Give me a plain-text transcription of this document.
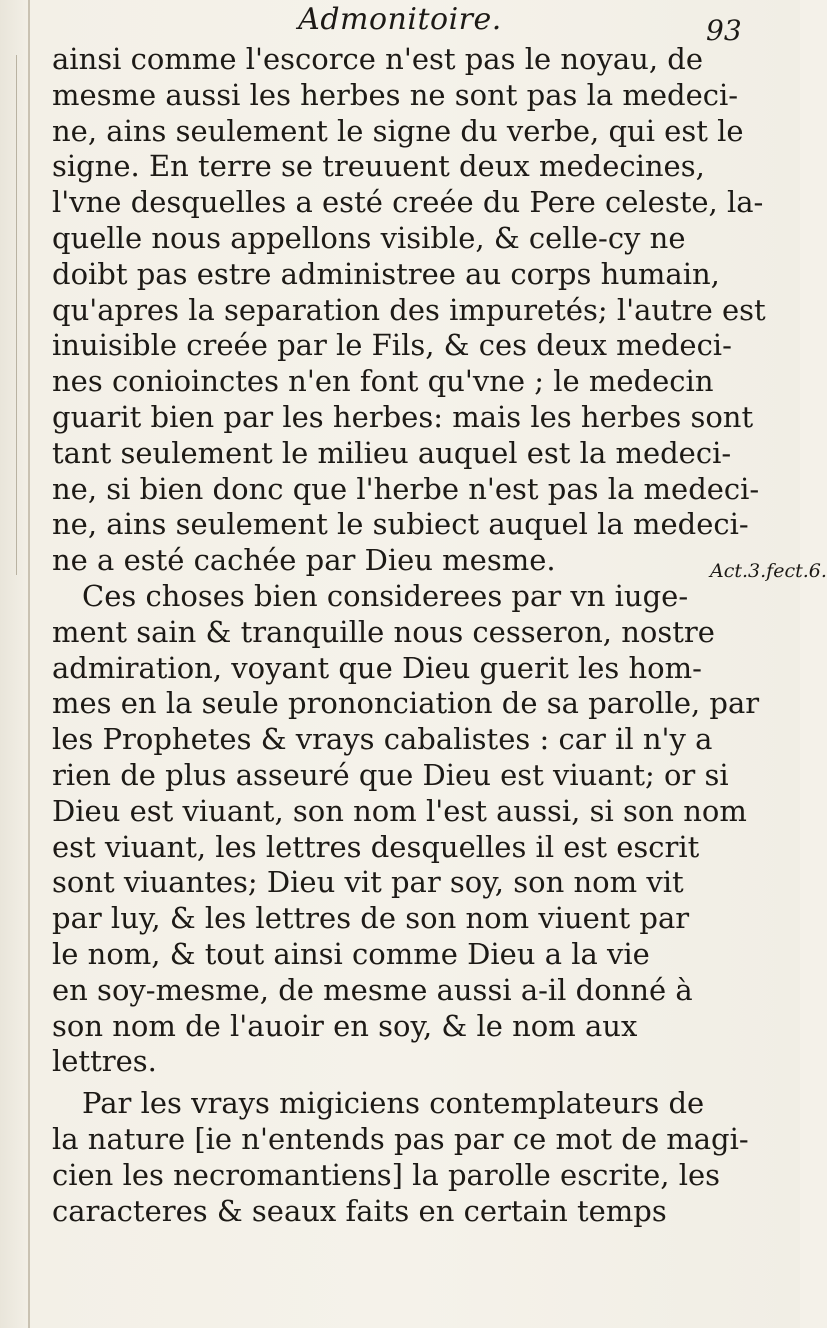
Admonitoire.	93
ainsi comme l'escorce n'est pas le noyau, de
mesme aussi les herbes ne sont pas la medeci-
ne, ains seulement le signe du verbe, qui est le
signe. En terre se treuuent deux medecines,
l'vne desquelles a esté creée du Pere celeste, la-
quelle nous appellons visible, & celle-cy ne
doibt pas estre administree au corps humain,
qu'apres la separation des impuretés; l'autre est
inuisible creée par le Fils, & ces deux medeci-
nes conioinctes n'en font qu'vne ; le medecin
guarit bien par les herbes: mais les herbes sont
tant seulement le milieu auquel est la medeci-
ne, si bien donc que l'herbe n'est pas la medeci-
ne, ains seulement le subiect auquel la medeci-
ne a esté cachée par Dieu mesme.
Ces choses bien considerees par vn iuge-
ment sain & tranquille nous cesseron, nostre
admiration, voyant que Dieu guerit les hom-
mes en la seule prononciation de sa parolle, par
les Prophetes & vrays cabalistes : car il n'y a
rien de plus asseuré que Dieu est viuant; or si
Dieu est viuant, son nom l'est aussi, si son nom
est viuant, les lettres desquelles il est escrit
sont viuantes; Dieu vit par soy, son nom vit
par luy, & les lettres de son nom viuent par
le nom, & tout ainsi comme Dieu a la vie
en soy-mesme, de mesme aussi a-il donné à
son nom de l'auoir en soy, & le nom aux
lettres.
Par les vrays migiciens contemplateurs de
la nature [ie n'entends pas par ce mot de magi-
cien les necromantiens] la parolle escrite, les
caracteres & seaux faits en certain temps
Act.3.fect.6.
